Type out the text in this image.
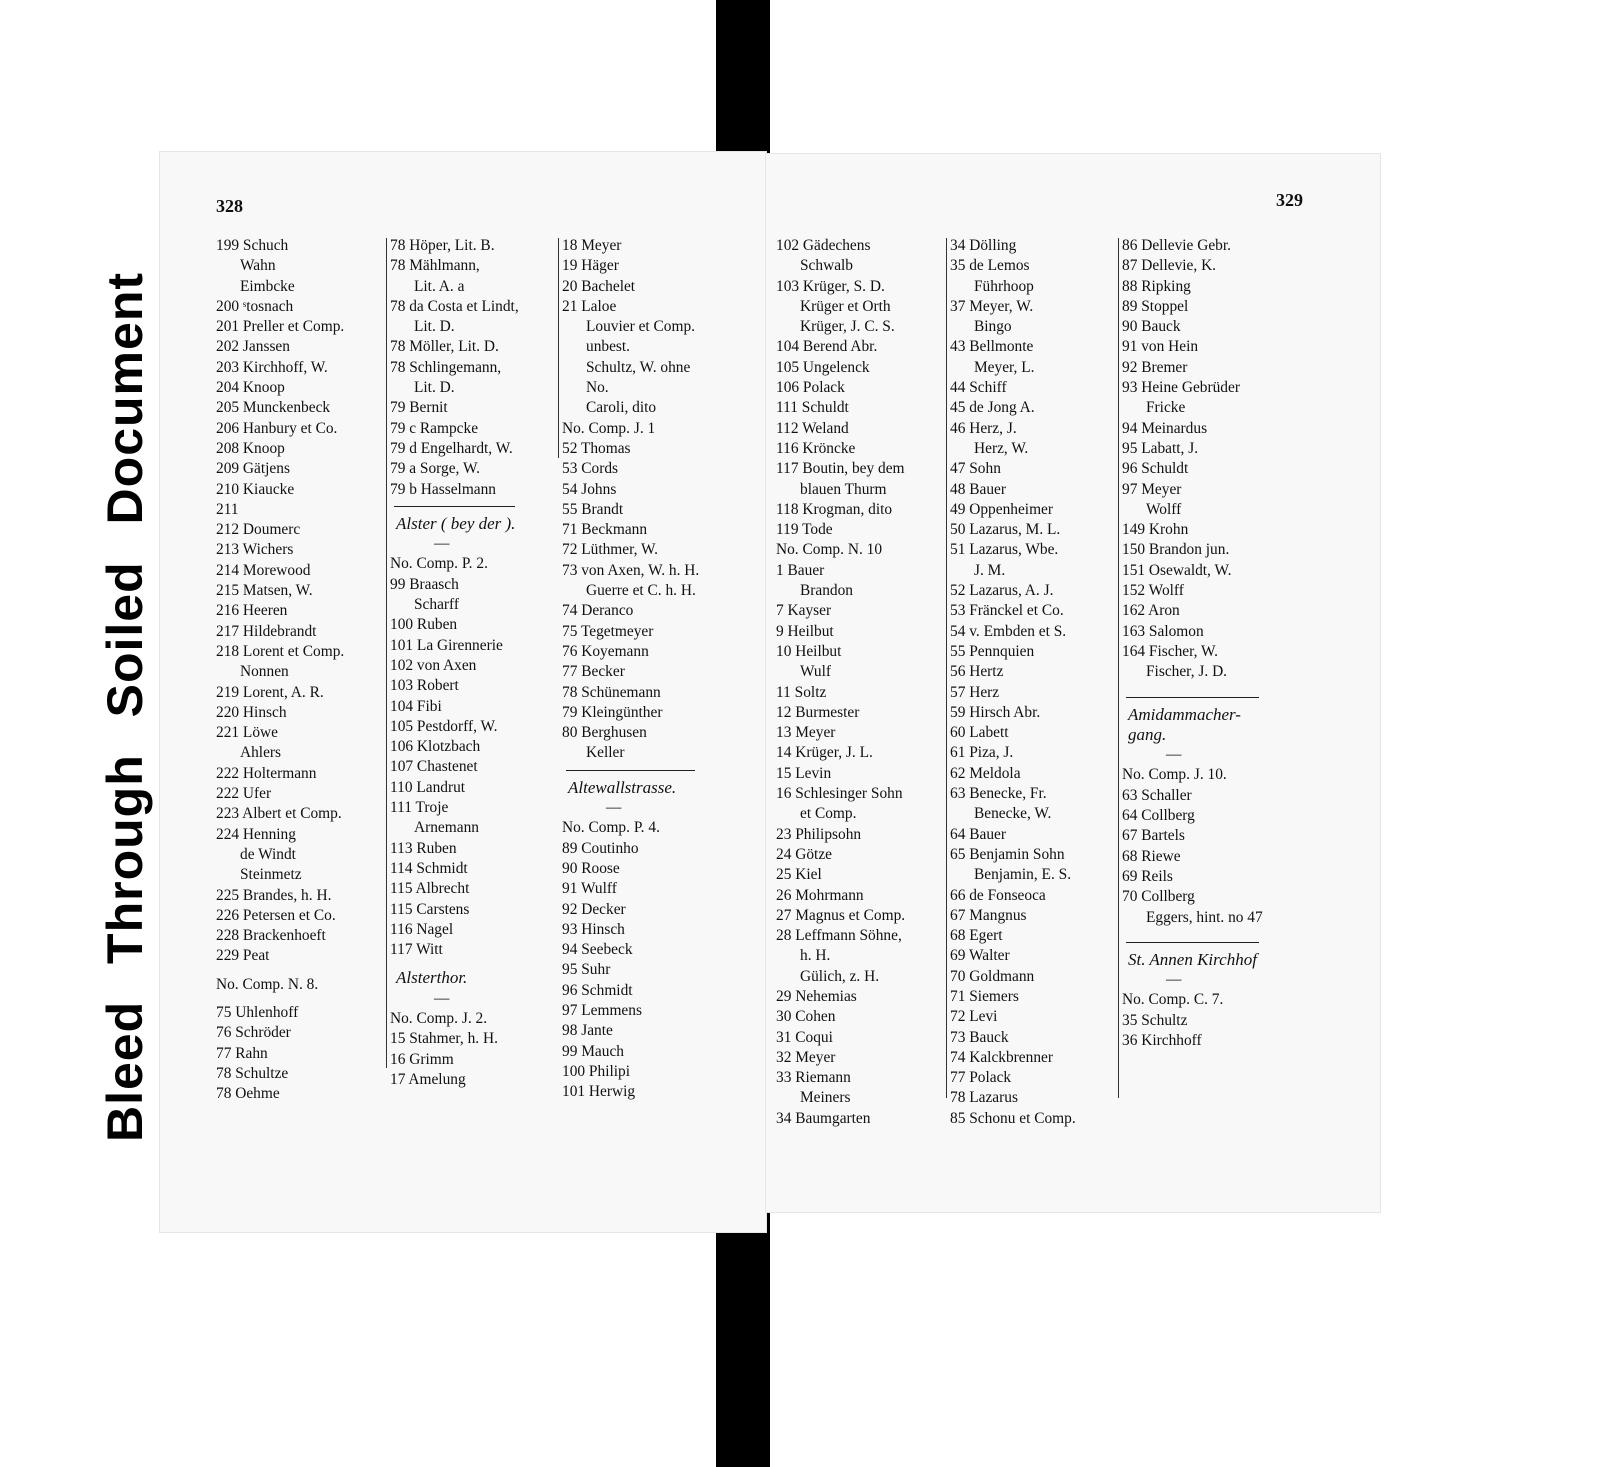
Bleed Through Soiled Document
328
199 Schuch
Wahn
Eimbcke
200 ˢtosnach
201 Preller et Comp.
202 Janssen
203 Kirchhoff, W.
204 Knoop
205 Munckenbeck
206 Hanbury et Co.
208 Knoop
209 Gätjens
210 Kiaucke
211
212 Doumerc
213 Wichers
214 Morewood
215 Matsen, W.
216 Heeren
217 Hildebrandt
218 Lorent et Comp.
Nonnen
219 Lorent, A. R.
220 Hinsch
221 Löwe
Ahlers
222 Holtermann
222 Ufer
223 Albert et Comp.
224 Henning
de Windt
Steinmetz
225 Brandes, h. H.
226 Petersen et Co.
228 Brackenhoeft
229 Peat
No. Comp. N. 8.
75 Uhlenhoff
76 Schröder
77 Rahn
78 Schultze
78 Oehme
78 Höper, Lit. B.
78 Mählmann,
Lit. A. a
78 da Costa et Lindt,
Lit. D.
78 Möller, Lit. D.
78 Schlingemann,
Lit. D.
79 Bernit
79 c Rampcke
79 d Engelhardt, W.
79 a Sorge, W.
79 b Hasselmann
Alster ( bey der ).
—
No. Comp. P. 2.
99 Braasch
Scharff
100 Ruben
101 La Girennerie
102 von Axen
103 Robert
104 Fibi
105 Pestdorff, W.
106 Klotzbach
107 Chastenet
110 Landrut
111 Troje
Arnemann
113 Ruben
114 Schmidt
115 Albrecht
115 Carstens
116 Nagel
117 Witt
Alsterthor.
—
No. Comp. J. 2.
15 Stahmer, h. H.
16 Grimm
17 Amelung
18 Meyer
19 Häger
20 Bachelet
21 Laloe
Louvier et Comp.
unbest.
Schultz, W. ohne
No.
Caroli, dito
No. Comp. J. 1
52 Thomas
53 Cords
54 Johns
55 Brandt
71 Beckmann
72 Lüthmer, W.
73 von Axen, W. h. H.
Guerre et C. h. H.
74 Deranco
75 Tegetmeyer
76 Koyemann
77 Becker
78 Schünemann
79 Kleingünther
80 Berghusen
Keller
Altewallstrasse.
—
No. Comp. P. 4.
89 Coutinho
90 Roose
91 Wulff
92 Decker
93 Hinsch
94 Seebeck
95 Suhr
96 Schmidt
97 Lemmens
98 Jante
99 Mauch
100 Philipi
101 Herwig
329
102 Gädechens
Schwalb
103 Krüger, S. D.
Krüger et Orth
Krüger, J. C. S.
104 Berend Abr.
105 Ungelenck
106 Polack
111 Schuldt
112 Weland
116 Kröncke
117 Boutin, bey dem
blauen Thurm
118 Krogman, dito
119 Tode
No. Comp. N. 10
1 Bauer
Brandon
7 Kayser
9 Heilbut
10 Heilbut
Wulf
11 Soltz
12 Burmester
13 Meyer
14 Krüger, J. L.
15 Levin
16 Schlesinger Sohn
et Comp.
23 Philipsohn
24 Götze
25 Kiel
26 Mohrmann
27 Magnus et Comp.
28 Leffmann Söhne,
h. H.
Gülich, z. H.
29 Nehemias
30 Cohen
31 Coqui
32 Meyer
33 Riemann
Meiners
34 Baumgarten
34 Dölling
35 de Lemos
Führhoop
37 Meyer, W.
Bingo
43 Bellmonte
Meyer, L.
44 Schiff
45 de Jong A.
46 Herz, J.
Herz, W.
47 Sohn
48 Bauer
49 Oppenheimer
50 Lazarus, M. L.
51 Lazarus, Wbe.
J. M.
52 Lazarus, A. J.
53 Fränckel et Co.
54 v. Embden et S.
55 Pennquien
56 Hertz
57 Herz
59 Hirsch Abr.
60 Labett
61 Piza, J.
62 Meldola
63 Benecke, Fr.
Benecke, W.
64 Bauer
65 Benjamin Sohn
Benjamin, E. S.
66 de Fonseoca
67 Mangnus
68 Egert
69 Walter
70 Goldmann
71 Siemers
72 Levi
73 Bauck
74 Kalckbrenner
77 Polack
78 Lazarus
85 Schonu et Comp.
86 Dellevie Gebr.
87 Dellevie, K.
88 Ripking
89 Stoppel
90 Bauck
91 von Hein
92 Bremer
93 Heine Gebrüder
Fricke
94 Meinardus
95 Labatt, J.
96 Schuldt
97 Meyer
Wolff
149 Krohn
150 Brandon jun.
151 Osewaldt, W.
152 Wolff
162 Aron
163 Salomon
164 Fischer, W.
Fischer, J. D.
Amidammacher-
gang.
—
No. Comp. J. 10.
63 Schaller
64 Collberg
67 Bartels
68 Riewe
69 Reils
70 Collberg
Eggers, hint. no 47
St. Annen Kirchhof
—
No. Comp. C. 7.
35 Schultz
36 Kirchhoff
